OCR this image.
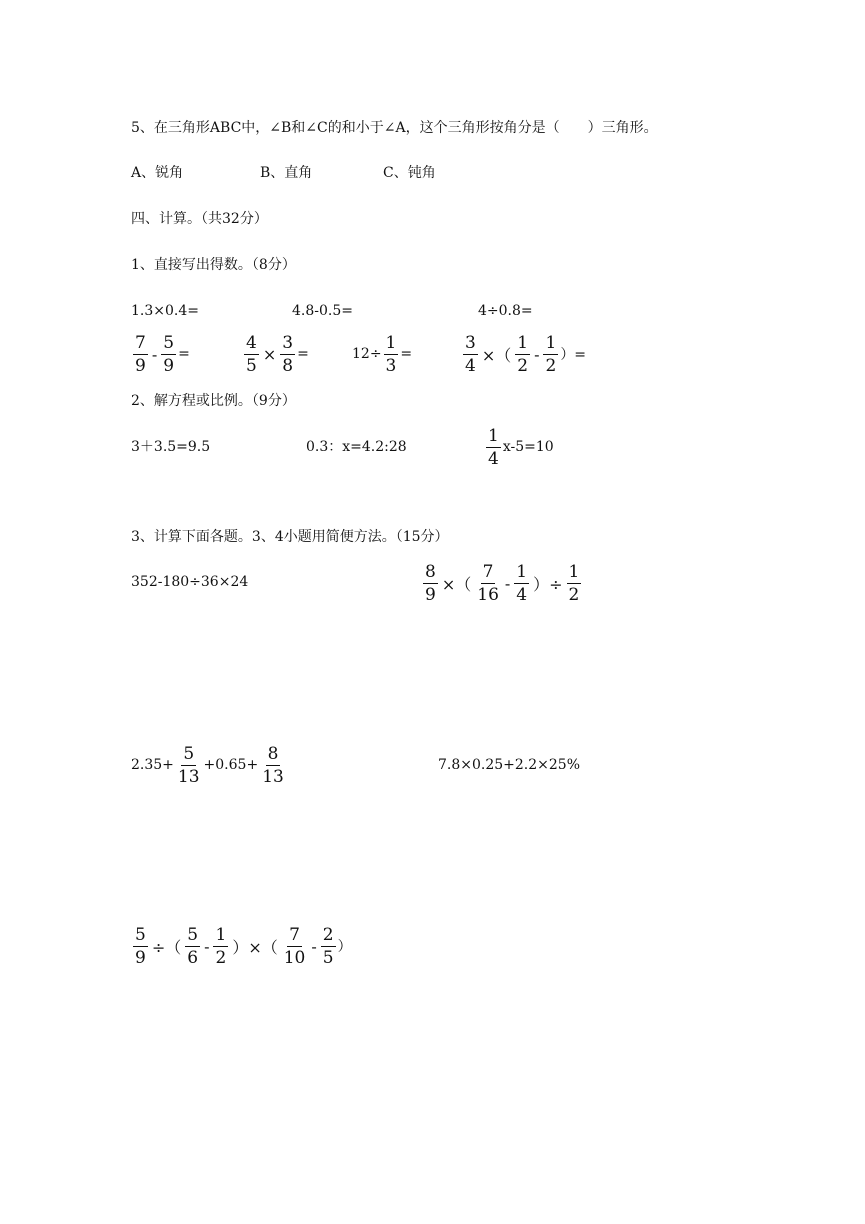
5、在三角形ABC中，∠B和∠C的和小于∠A，这个三角形按角分是（　　）三角形。
A、锐角	B、直角	C、钝角
四、计算。（共32分）
1、直接写出得数。（8分）
1.3×0.4=	4.8-0.5=	4÷0.8=
$\frac{7}{9} - \frac{5}{9}$ =	$\frac{4}{5} \times \frac{3}{8}$ =	$12\div \frac{1}{3}$ =	$\frac{3}{4}$ ×（ $\frac{1}{2} - \frac{1}{2}$ ）=
2、解方程或比例。（9分）
3＋3.5=9.5	0.3：x=4.2:28	$\frac{1}{4} x-5=10$
3、计算下面各题。3、4小题用简便方法。（15分）
352-180÷36×24	$\frac{8}{9}$ ×（ $\frac{7}{16} - \frac{1}{4}$ ）÷ $\frac{1}{2}$
$2.35+ \frac{5}{13} +0.65+ \frac{8}{13}$	7.8×0.25+2.2×25%
$\frac{5}{9}$ ÷（ $\frac{5}{6} - \frac{1}{2}$ ）×（ $\frac{7}{10} - \frac{2}{5}$ ）
